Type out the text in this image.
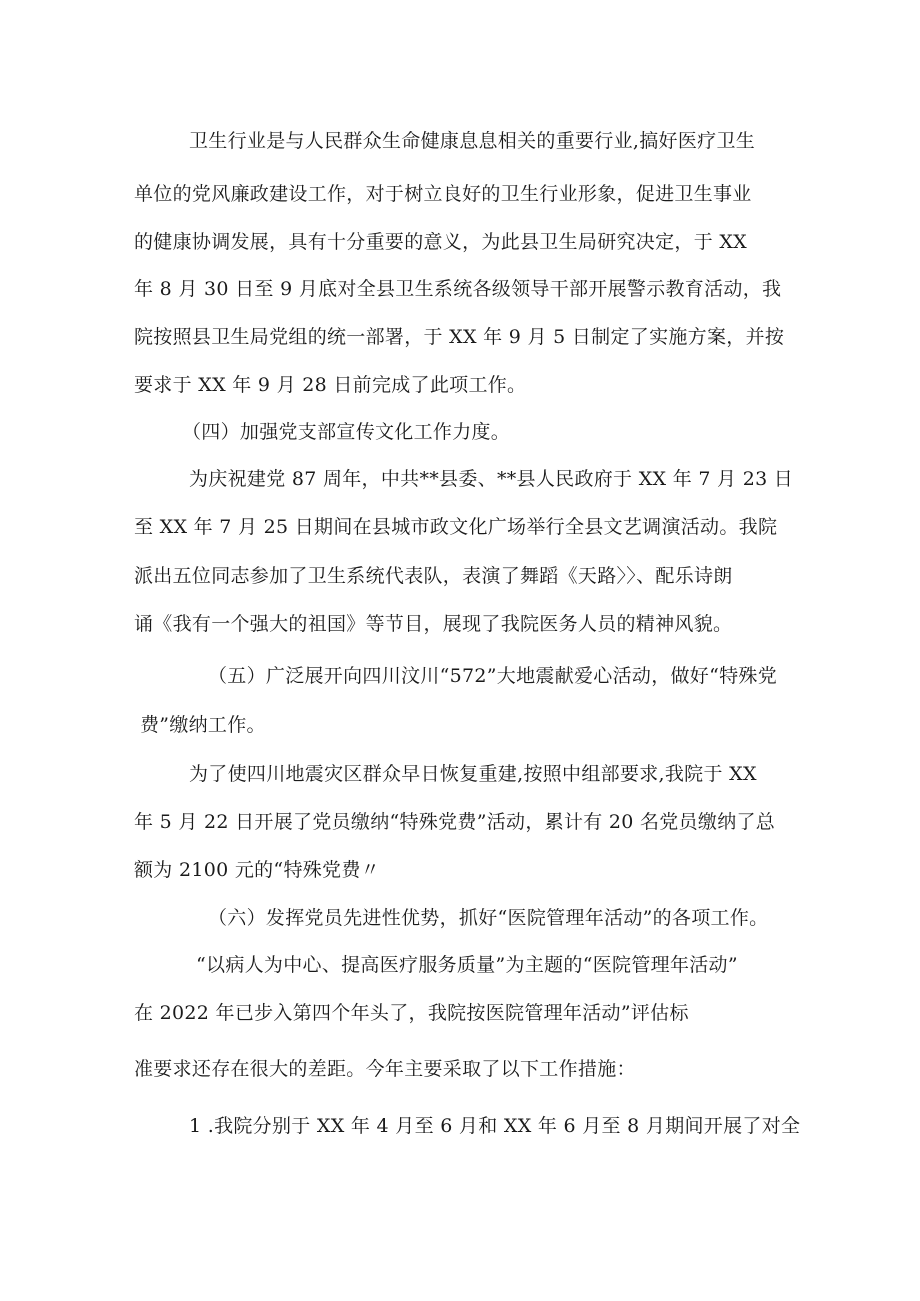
卫生行业是与人民群众生命健康息息相关的重要行业,搞好医疗卫生
单位的党风廉政建设工作，对于树立良好的卫生行业形象，促进卫生事业
的健康协调发展，具有十分重要的意义，为此县卫生局研究决定，于 XX
年 8 月 30 日至 9 月底对全县卫生系统各级领导干部开展警示教育活动，我
院按照县卫生局党组的统一部署，于 XX 年 9 月 5 日制定了实施方案，并按
要求于 XX 年 9 月 28 日前完成了此项工作。
（四）加强党支部宣传文化工作力度。
为庆祝建党 87 周年，中共**县委、**县人民政府于 XX 年 7 月 23 日
至 XX 年 7 月 25 日期间在县城市政文化广场举行全县文艺调演活动。我院
派出五位同志参加了卫生系统代表队，表演了舞蹈《天路〉〉、配乐诗朗
诵《我有一个强大的祖国》等节目，展现了我院医务人员的精神风貌。
（五）广泛展开向四川汶川“572”大地震献爱心活动，做好“特殊党
费”缴纳工作。
为了使四川地震灾区群众早日恢复重建,按照中组部要求,我院于 XX
年 5 月 22 日开展了党员缴纳“特殊党费”活动，累计有 20 名党员缴纳了总
额为 2100 元的“特殊党费〃
（六）发挥党员先进性优势，抓好“医院管理年活动”的各项工作。
“以病人为中心、提高医疗服务质量”为主题的“医院管理年活动”
在 2022 年已步入第四个年头了，我院按医院管理年活动”评估标
准要求还存在很大的差距。今年主要采取了以下工作措施：
1 .我院分别于 XX 年 4 月至 6 月和 XX 年 6 月至 8 月期间开展了对全
